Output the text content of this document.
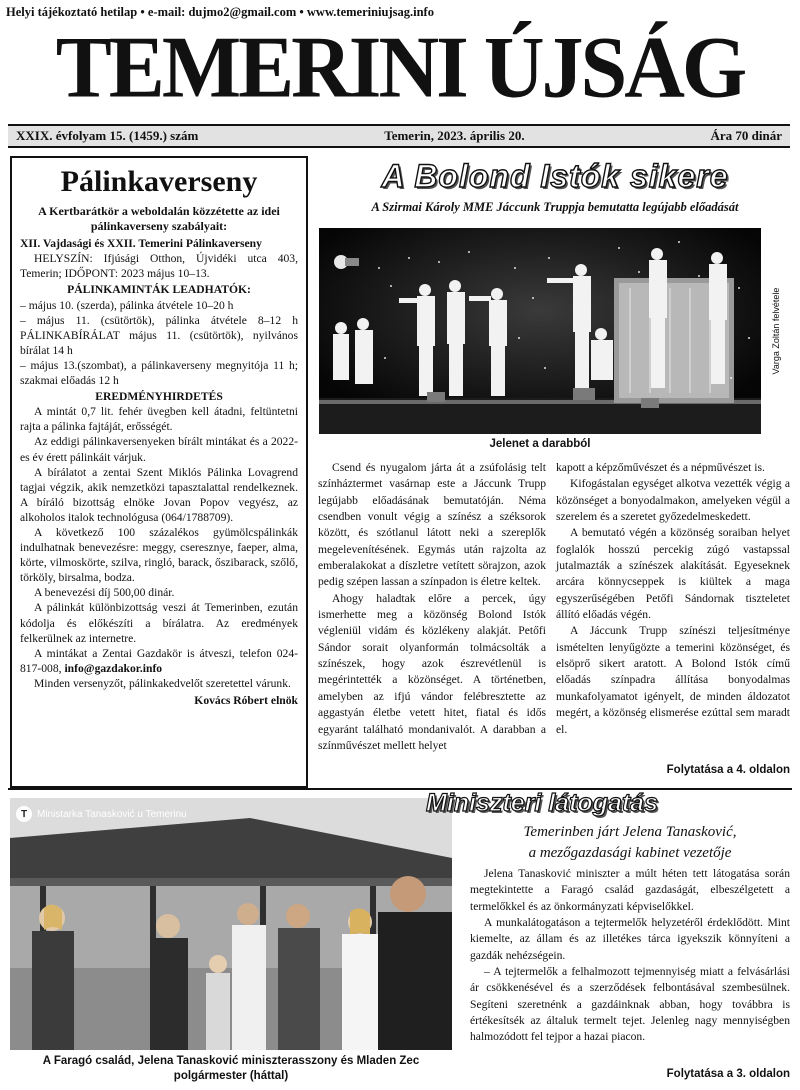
Helyi tájékoztató hetilap • e-mail: dujmo2@gmail.com • www.temeriniujsag.info
TEMERINI ÚJSÁG
XXIX. évfolyam 15. (1459.) szám	Temerin, 2023. április 20.	Ára 70 dinár
Pálinkaverseny

A Kertbarátkör a weboldalán közzétette az idei pálinkaverseny szabályait:

XII. Vajdasági és XXII. Temerini Pálinkaverseny

HELYSZÍN: Ifjúsági Otthon, Újvidéki utca 403, Temerin; IDŐPONT: 2023 május 10–13.

PÁLINKAMINTÁK LEADHATÓK:

– május 10. (szerda), pálinka átvétele 10–20 h

– május 11. (csütörtök), pálinka átvétele 8–12 h PÁLINKABÍRÁLAT május 11. (csütörtök), nyilvános bírálat 14 h

– május 13.(szombat), a pálinkaverseny megnyitója 11 h; szakmai előadás 12 h

EREDMÉNYHIRDETÉS

A mintát 0,7 lit. fehér üvegben kell átadni, feltüntetni rajta a pálinka fajtáját, erősségét.

Az eddigi pálinkaversenyeken bírált mintákat és a 2022-es év érett pálinkáit várjuk.

A bírálatot a zentai Szent Miklós Pálinka Lovagrend tagjai végzik, akik nemzetközi tapasztalattal rendelkeznek. A bíráló bizottság elnöke Jovan Popov vegyész, az alkoholos italok technológusa (064/1788709).

A következő 100 százalékos gyümölcspálinkák indulhatnak benevezésre: meggy, cseresznye, faeper, alma, körte, vilmoskörte, szilva, ringló, barack, őszibarack, szőlő, törköly, birsalma, bodza.

A benevezési díj 500,00 dinár.

A pálinkát különbizottság veszi át Temerinben, ezután kódolja és előkészíti a bírálatra. Az eredmények felkerülnek az internetre.

A mintákat a Zentai Gazdakör is átveszi, telefon 024-817-008, info@gazdakor.info

Minden versenyzőt, pálinkakedvelőt szeretettel várunk.

Kovács Róbert elnök

A Bolond Istók sikere
A Szirmai Károly MME Jáccunk Truppja bemutatta legújabb előadását
Varga Zoltán felvétele
Jelenet a darabból

Csend és nyugalom járta át a zsúfolásig telt színháztermet vasárnap este a Jáccunk Trupp legújabb előadásának bemutatóján. Néma csendben vonult végig a színész a széksorok között, és szótlanul látott neki a szereplők megelevenítésének. Egymás után rajzolta az emberalakokat a díszletre vetített sörajzon, azok pedig szépen lassan a színpadon is életre keltek.

Ahogy haladtak előre a percek, úgy ismerhette meg a közönség Bolond Istók végleniül vidám és közlékeny alakját. Petőfi Sándor sorait olyanformán tolmácsolták a színészek, hogy azok észrevétlenül is megérintették a közönséget. A történetben, amelyben az ifjú vándor felébresztette az aggastyán életbe vetett hitet, fiatal és idős egyaránt található mondanivalót. A darabban a színművészet mellett helyet

kapott a képzőművészet és a népművészet is.

Kifogástalan egységet alkotva vezették végig a közönséget a bonyodalmakon, amelyeken végül a szerelem és a szeretet győzedelmeskedett.

A bemutató végén a közönség soraiban helyet foglalók hosszú percekig zúgó vastapssal jutalmazták a színészek alakítását. Egyeseknek arcára könnycseppek is kiültek a maga egyszerűségében Petőfi Sándornak tiszteletet állító előadás végén.

A Jáccunk Trupp színészi teljesítménye ismételten lenyűgözte a temerini közönséget, és elsöprő sikert aratott. A Bolond Istók című előadás színpadra állítása bonyodalmas munkafolyamatot igényelt, de minden áldozatot megért, a közönség elismerése ezúttal sem maradt el.

Folytatása a 4. oldalon
T Ministarka Tanasković u Temerinu
A Faragó család, Jelena Tanasković miniszterasszony és Mladen Zec polgármester (háttal)
Miniszteri látogatás
Temerinben járt Jelena Tanasković,
a mezőgazdasági kabinet vezetője

Jelena Tanasković miniszter a múlt héten tett látogatása során megtekintette a Faragó család gazdaságát, elbeszélgetett a termelőkkel és az önkormányzati képviselőkkel.

A munkalátogatáson a tejtermelők helyzetéről érdeklődött. Mint kiemelte, az állam és az illetékes tárca igyekszik könnyíteni a gazdák nehézségein.

– A tejtermelők a felhalmozott tejmennyiség miatt a felvásárlási ár csökkenésével és a szerződések felbontásával szembesülnek. Segíteni szeretnénk a gazdáinknak abban, hogy továbbra is értékesítsék az általuk termelt tejet. Jelenleg nagy mennyiségben halmozódott fel tejpor a hazai piacon.

Folytatása a 3. oldalon
